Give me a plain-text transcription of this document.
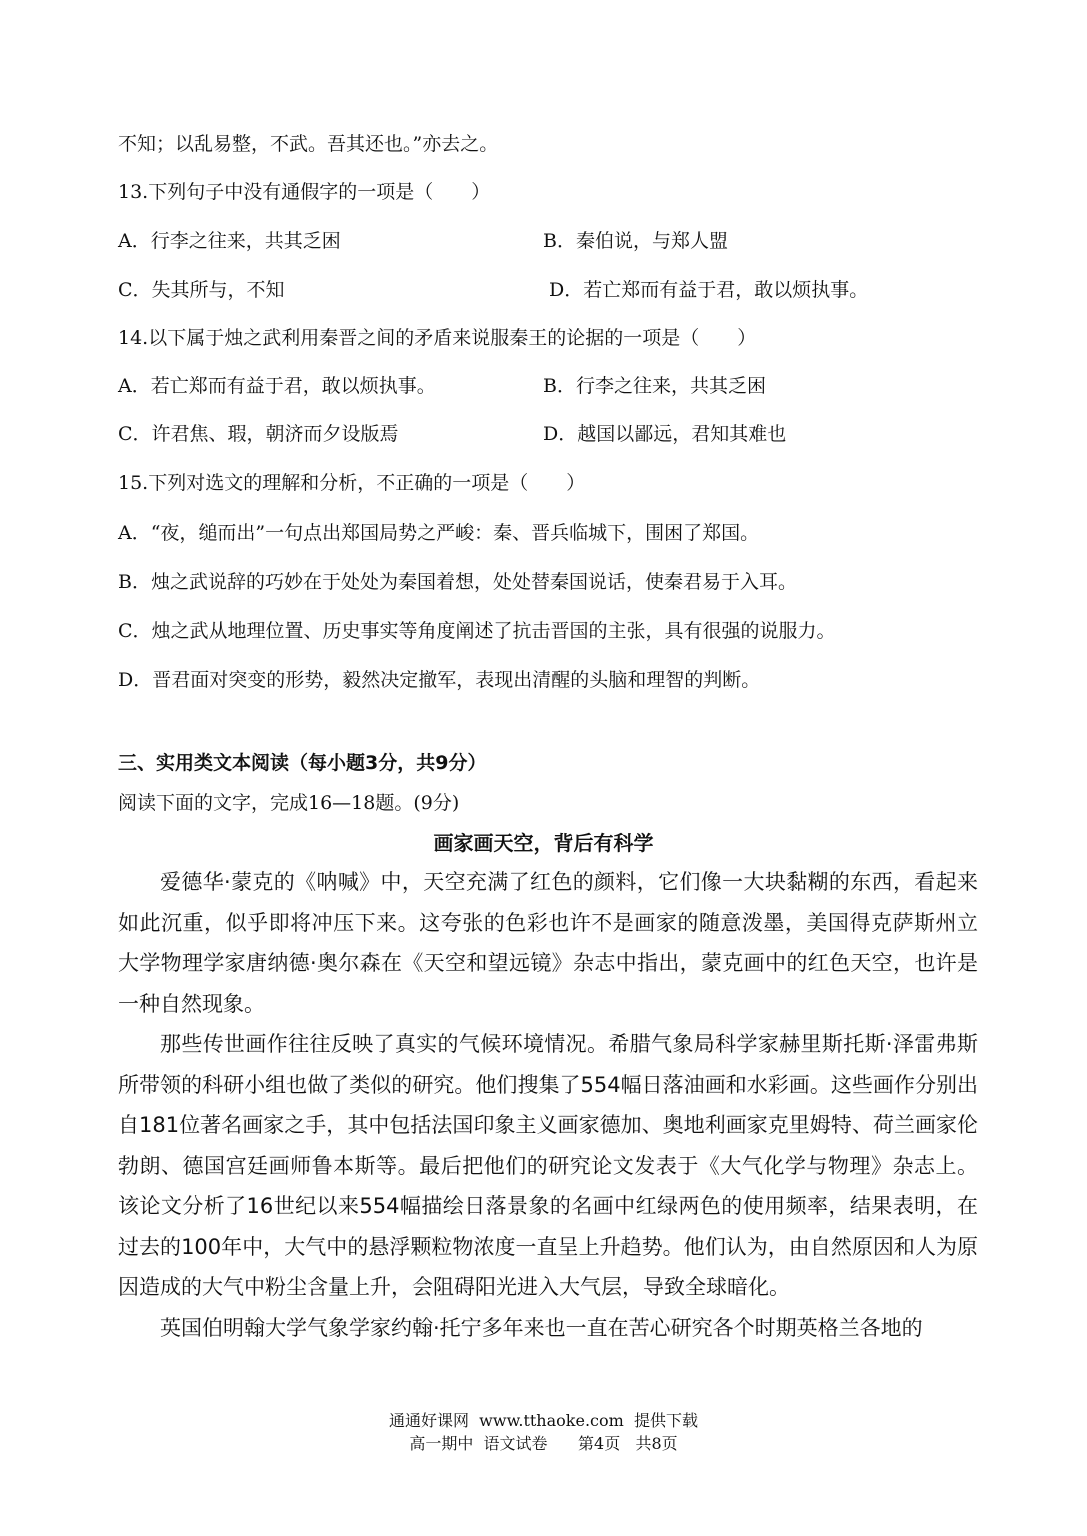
不知；以乱易整，不武。吾其还也。”亦去之。
13.下列句子中没有通假字的一项是（　　）
A．行李之往来，共其乏困	B．秦伯说，与郑人盟
C．失其所与，不知	D．若亡郑而有益于君，敢以烦执事。
14.以下属于烛之武利用秦晋之间的矛盾来说服秦王的论据的一项是（　　）
A．若亡郑而有益于君，敢以烦执事。	B．行李之往来，共其乏困
C．许君焦、瑕，朝济而夕设版焉	D．越国以鄙远，君知其难也
15.下列对选文的理解和分析，不正确的一项是（　　）
A．“夜，缒而出”一句点出郑国局势之严峻：秦、晋兵临城下，围困了郑国。
B．烛之武说辞的巧妙在于处处为秦国着想，处处替秦国说话，使秦君易于入耳。
C．烛之武从地理位置、历史事实等角度阐述了抗击晋国的主张，具有很强的说服力。
D．晋君面对突变的形势，毅然决定撤军，表现出清醒的头脑和理智的判断。
三、实用类文本阅读（每小题3分，共9分）
阅读下面的文字，完成16—18题。(9分)
画家画天空，背后有科学

爱德华·蒙克的《呐喊》中，天空充满了红色的颜料，它们像一大块黏糊的东西，看起来如此沉重，似乎即将冲压下来。这夸张的色彩也许不是画家的随意泼墨，美国得克萨斯州立大学物理学家唐纳德·奥尔森在《天空和望远镜》杂志中指出，蒙克画中的红色天空，也许是一种自然现象。

那些传世画作往往反映了真实的气候环境情况。希腊气象局科学家赫里斯托斯·泽雷弗斯所带领的科研小组也做了类似的研究。他们搜集了554幅日落油画和水彩画。这些画作分别出自181位著名画家之手，其中包括法国印象主义画家德加、奥地利画家克里姆特、荷兰画家伦勃朗、德国宫廷画师鲁本斯等。最后把他们的研究论文发表于《大气化学与物理》杂志上。该论文分析了16世纪以来554幅描绘日落景象的名画中红绿两色的使用频率，结果表明，在过去的100年中，大气中的悬浮颗粒物浓度一直呈上升趋势。他们认为，由自然原因和人为原因造成的大气中粉尘含量上升，会阻碍阳光进入大气层，导致全球暗化。

英国伯明翰大学气象学家约翰·托宁多年来也一直在苦心研究各个时期英格兰各地的

通通好课网  www.tthaoke.com  提供下载
高一期中  语文试卷      第4页   共8页
